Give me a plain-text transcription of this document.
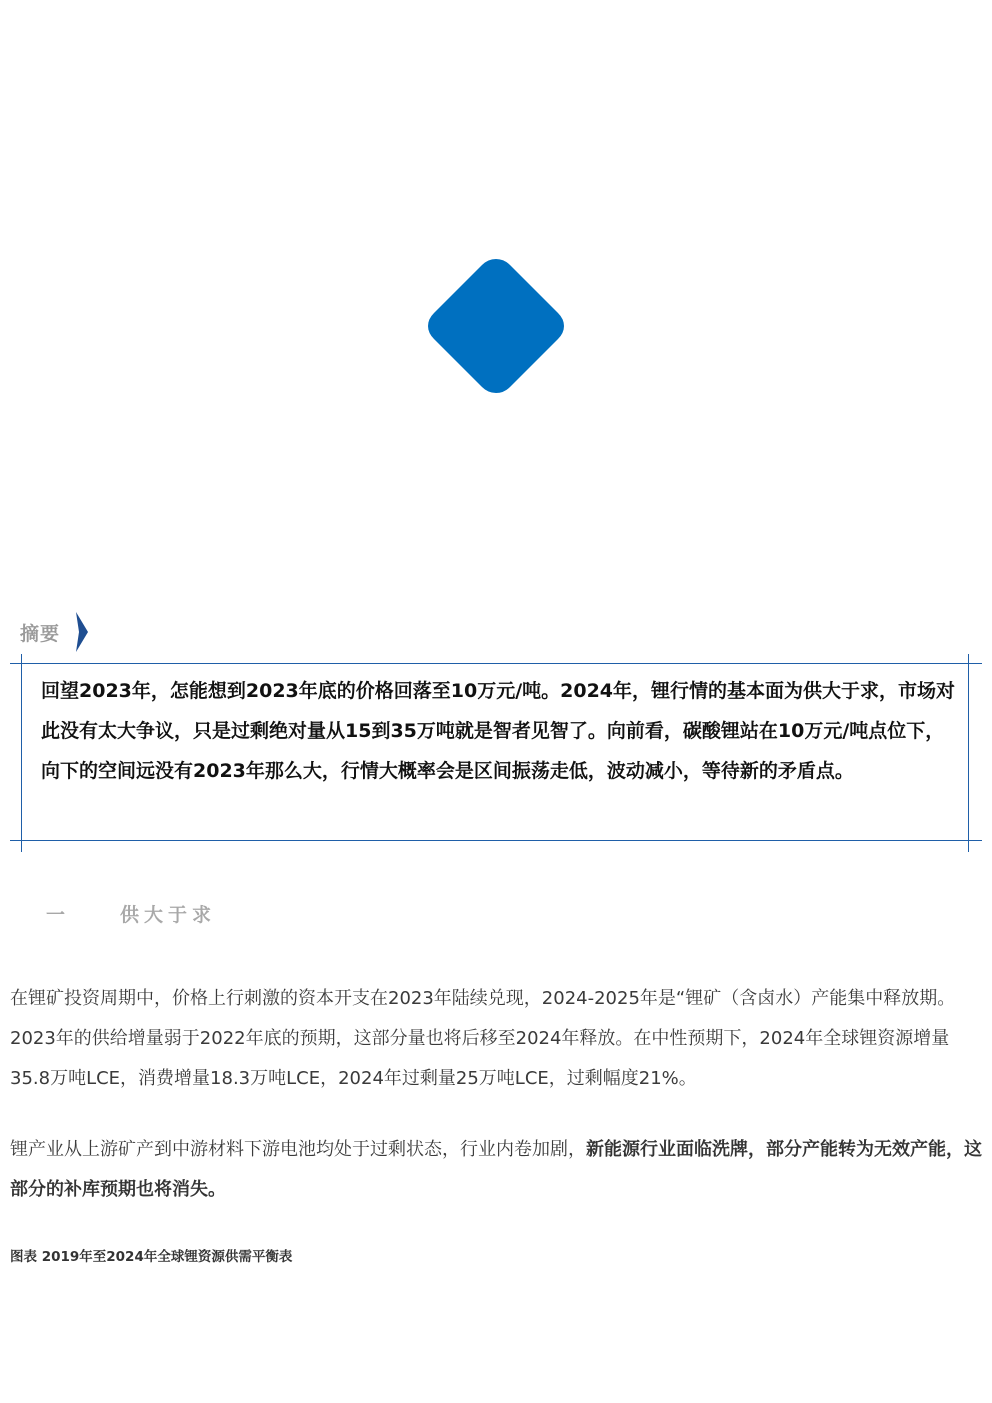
摘要

回望2023年，怎能想到2023年底的价格回落至10万元/吨。2024年，锂行情的基本面为供大于求，市场对此没有太大争议，只是过剩绝对量从15到35万吨就是智者见智了。向前看，碳酸锂站在10万元/吨点位下，向下的空间远没有2023年那么大，行情大概率会是区间振荡走低，波动减小，等待新的矛盾点。

一	供大于求

在锂矿投资周期中，价格上行刺激的资本开支在2023年陆续兑现，2024-2025年是“锂矿（含卤水）产能集中释放期。2023年的供给增量弱于2022年底的预期，这部分量也将后移至2024年释放。在中性预期下，2024年全球锂资源增量35.8万吨LCE，消费增量18.3万吨LCE，2024年过剩量25万吨LCE，过剩幅度21%。

锂产业从上游矿产到中游材料下游电池均处于过剩状态，行业内卷加剧，新能源行业面临洗牌，部分产能转为无效产能，这部分的补库预期也将消失。

图表 2019年至2024年全球锂资源供需平衡表
